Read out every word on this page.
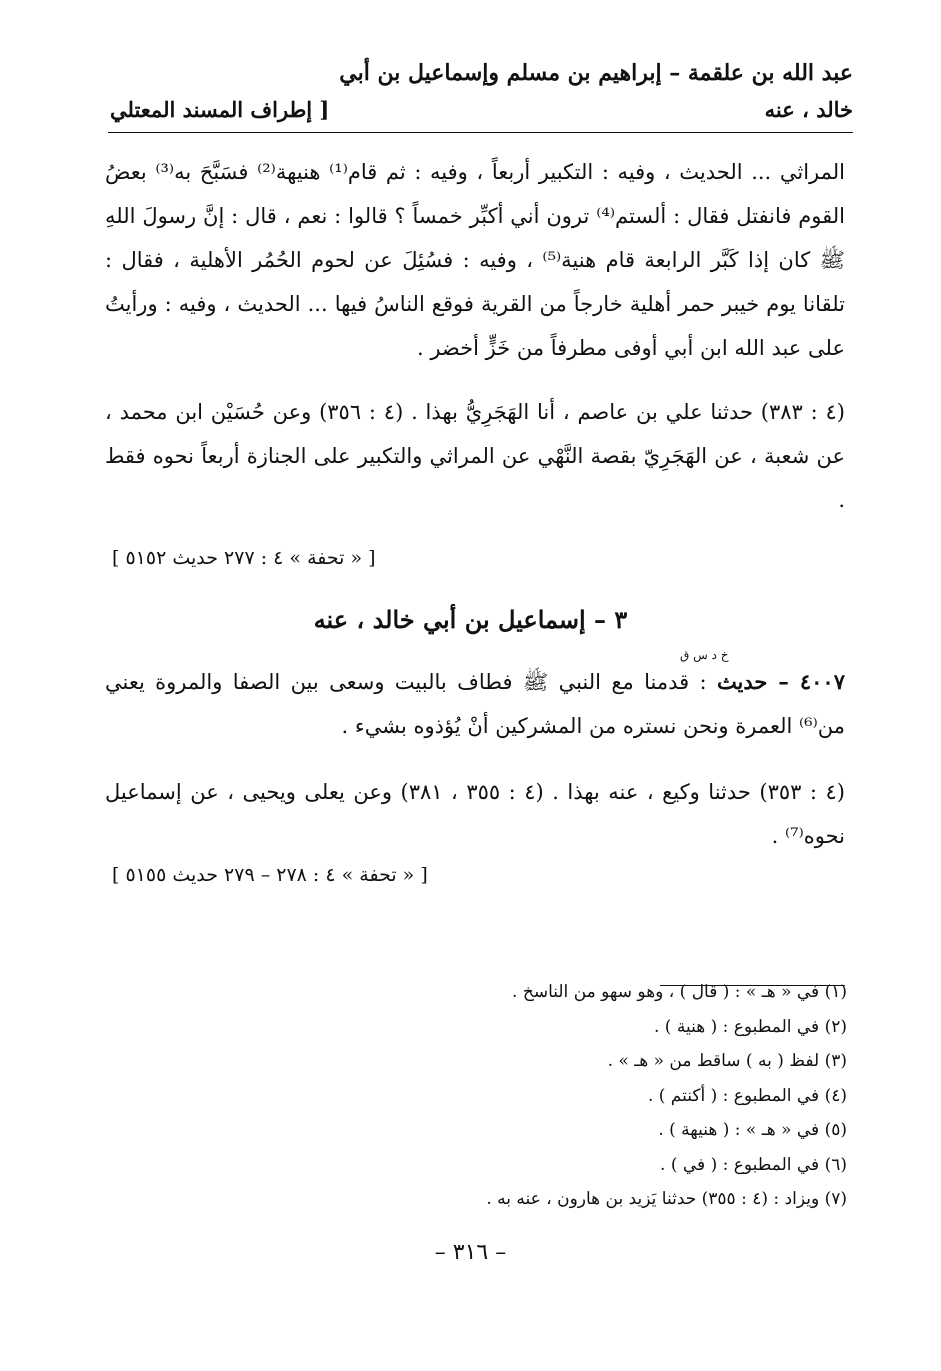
عبد الله بن علقمة – إبراهيم بن مسلم وإسماعيل بن أبي
خالد ، عنه
[ إطراف المسند المعتلي
المراثي ... الحديث ، وفيه : التكبير أربعاً ، وفيه : ثم قام⁽¹⁾ هنيهة⁽²⁾ فسَبَّحَ به⁽³⁾ بعضُ القوم فانفتل فقال : ألستم⁽⁴⁾ ترون أني أكبِّر خمساً ؟ قالوا : نعم ، قال : إنَّ رسولَ اللهِ ﷺ كان إذا كَبَّر الرابعة قام هنية⁽⁵⁾ ، وفيه : فسُئِلَ عن لحوم الحُمُر الأهلية ، فقال : تلقانا يوم خيبر حمر أهلية خارجاً من القرية فوقع الناسُ فيها ... الحديث ، وفيه : ورأيتُ على عبد الله ابن أبي أوفى مطرفاً من خَزٍّ أخضر .
(٤ : ٣٨٣) حدثنا علي بن عاصم ، أنا الهَجَرِيُّ بهذا . (٤ : ٣٥٦) وعن حُسَيْن ابن محمد ، عن شعبة ، عن الهَجَرِيّ بقصة النَّهْي عن المراثي والتكبير على الجنازة أربعاً نحوه فقط .
[ « تحفة » ٤ : ٢٧٧ حديث ٥١٥٢ ]
٣ – إسماعيل بن أبي خالد ، عنه
خ د س ق
٤٠٠٧ – حديث : قدمنا مع النبي ﷺ فطاف بالبيت وسعى بين الصفا والمروة يعني من⁽⁶⁾ العمرة ونحن نستره من المشركين أنْ يُؤذوه بشيء .
(٤ : ٣٥٣) حدثنا وكيع ، عنه بهذا . (٤ : ٣٥٥ ، ٣٨١) وعن يعلى ويحيى ، عن إسماعيل نحوه⁽⁷⁾ .
[ « تحفة » ٤ : ٢٧٨ – ٢٧٩ حديث ٥١٥٥ ]
(١) في « هـ » : ( قال ) ، وهو سهو من الناسخ .
(٢) في المطبوع : ( هنية ) .
(٣) لفظ ( به ) ساقط من « هـ » .
(٤) في المطبوع : ( أكنتم ) .
(٥) في « هـ » : ( هنيهة ) .
(٦) في المطبوع : ( في ) .
(٧) ويزاد : (٤ : ٣٥٥) حدثنا يَزيد بن هارون ، عنه به .
– ٣١٦ –
